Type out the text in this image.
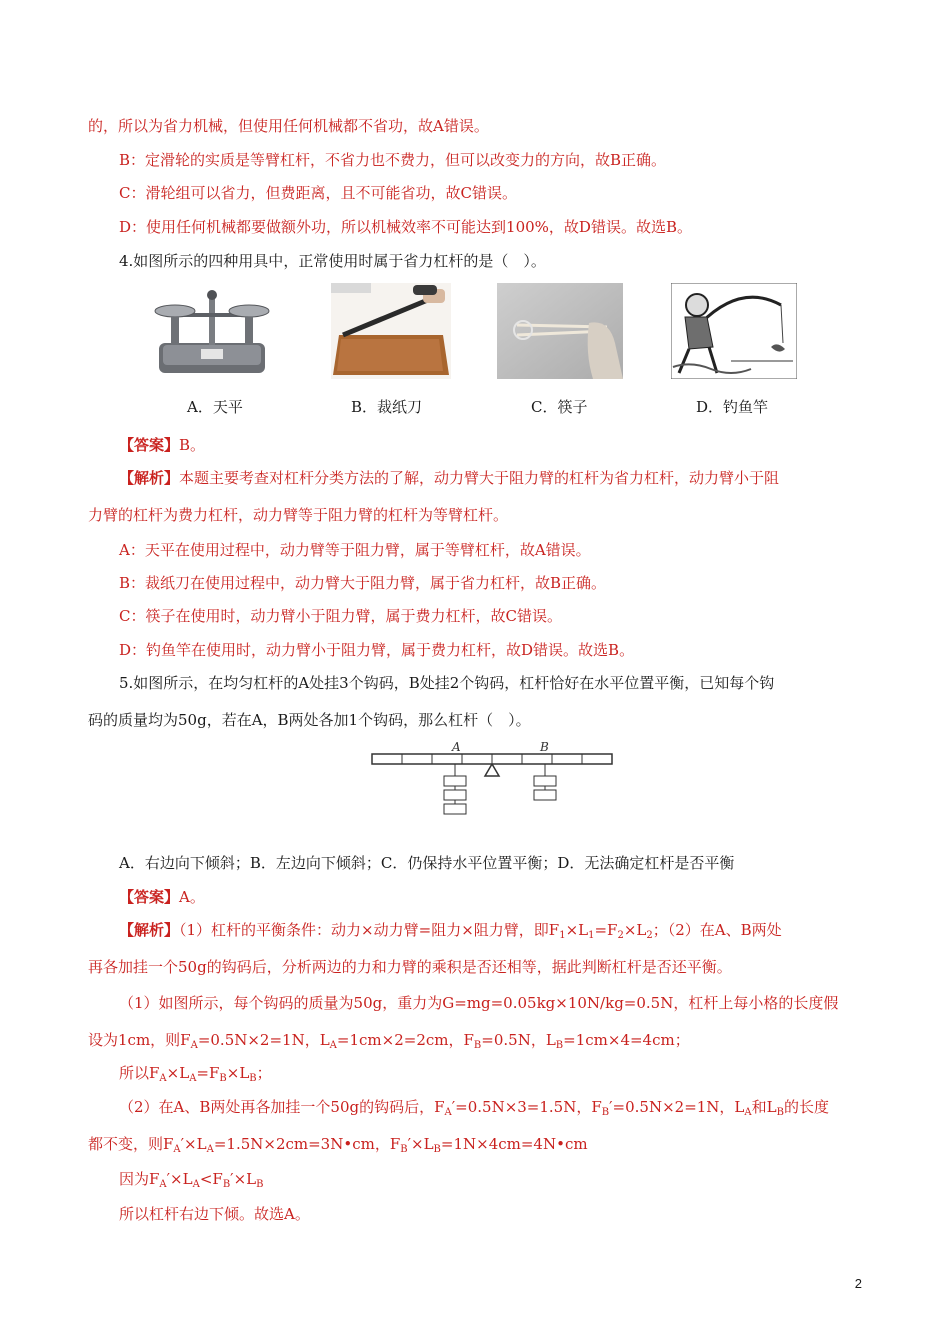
的，所以为省力机械，但使用任何机械都不省功，故A错误。
B：定滑轮的实质是等臂杠杆，不省力也不费力，但可以改变力的方向，故B正确。
C：滑轮组可以省力，但费距离，且不可能省功，故C错误。
D：使用任何机械都要做额外功，所以机械效率不可能达到100%，故D错误。故选B。
4.如图所示的四种用具中，正常使用时属于省力杠杆的是（　）。
A．天平	B．裁纸刀	C．筷子	D．钓鱼竿
【答案】B。
【解析】本题主要考查对杠杆分类方法的了解，动力臂大于阻力臂的杠杆为省力杠杆，动力臂小于阻
力臂的杠杆为费力杠杆，动力臂等于阻力臂的杠杆为等臂杠杆。
A：天平在使用过程中，动力臂等于阻力臂，属于等臂杠杆，故A错误。
B：裁纸刀在使用过程中，动力臂大于阻力臂，属于省力杠杆，故B正确。
C：筷子在使用时，动力臂小于阻力臂，属于费力杠杆，故C错误。
D：钓鱼竿在使用时，动力臂小于阻力臂，属于费力杠杆，故D错误。故选B。
5.如图所示，在均匀杠杆的A处挂3个钩码，B处挂2个钩码，杠杆恰好在水平位置平衡，已知每个钩
码的质量均为50g，若在A，B两处各加1个钩码，那么杠杆（　）。
A	B
A．右边向下倾斜；B．左边向下倾斜；C．仍保持水平位置平衡；D．无法确定杠杆是否平衡
【答案】A。
【解析】（1）杠杆的平衡条件：动力×动力臂=阻力×阻力臂，即$F_1\times L_1=F_2\times L_2$；（2）在A、B两处
再各加挂一个50g的钩码后，分析两边的力和力臂的乘积是否还相等，据此判断杠杆是否还平衡。
（1）如图所示，每个钩码的质量为50g，重力为G=mg=0.05kg×10N/kg=0.5N，杠杆上每小格的长度假
设为1cm，则$F_A=0.5N\times 2=1N$，$L_A=1cm\times 2=2cm$，$F_B=0.5N$，$L_B=1cm\times 4=4cm$；
所以$F_A\times L_A=F_B\times L_B$；
（2）在A、B两处再各加挂一个50g的钩码后，$F_A'=0.5N\times 3=1.5N$，$F_B'=0.5N\times 2=1N$，$L_A$和$L_B$的长度
都不变，则$F_A'\times L_A=1.5N\times 2cm=3N•cm$，$F_B'\times L_B=1N\times 4cm=4N•cm$
因为$F_A'\times L_A<F_B'\times L_B$
所以杠杆右边下倾。故选A。
2
